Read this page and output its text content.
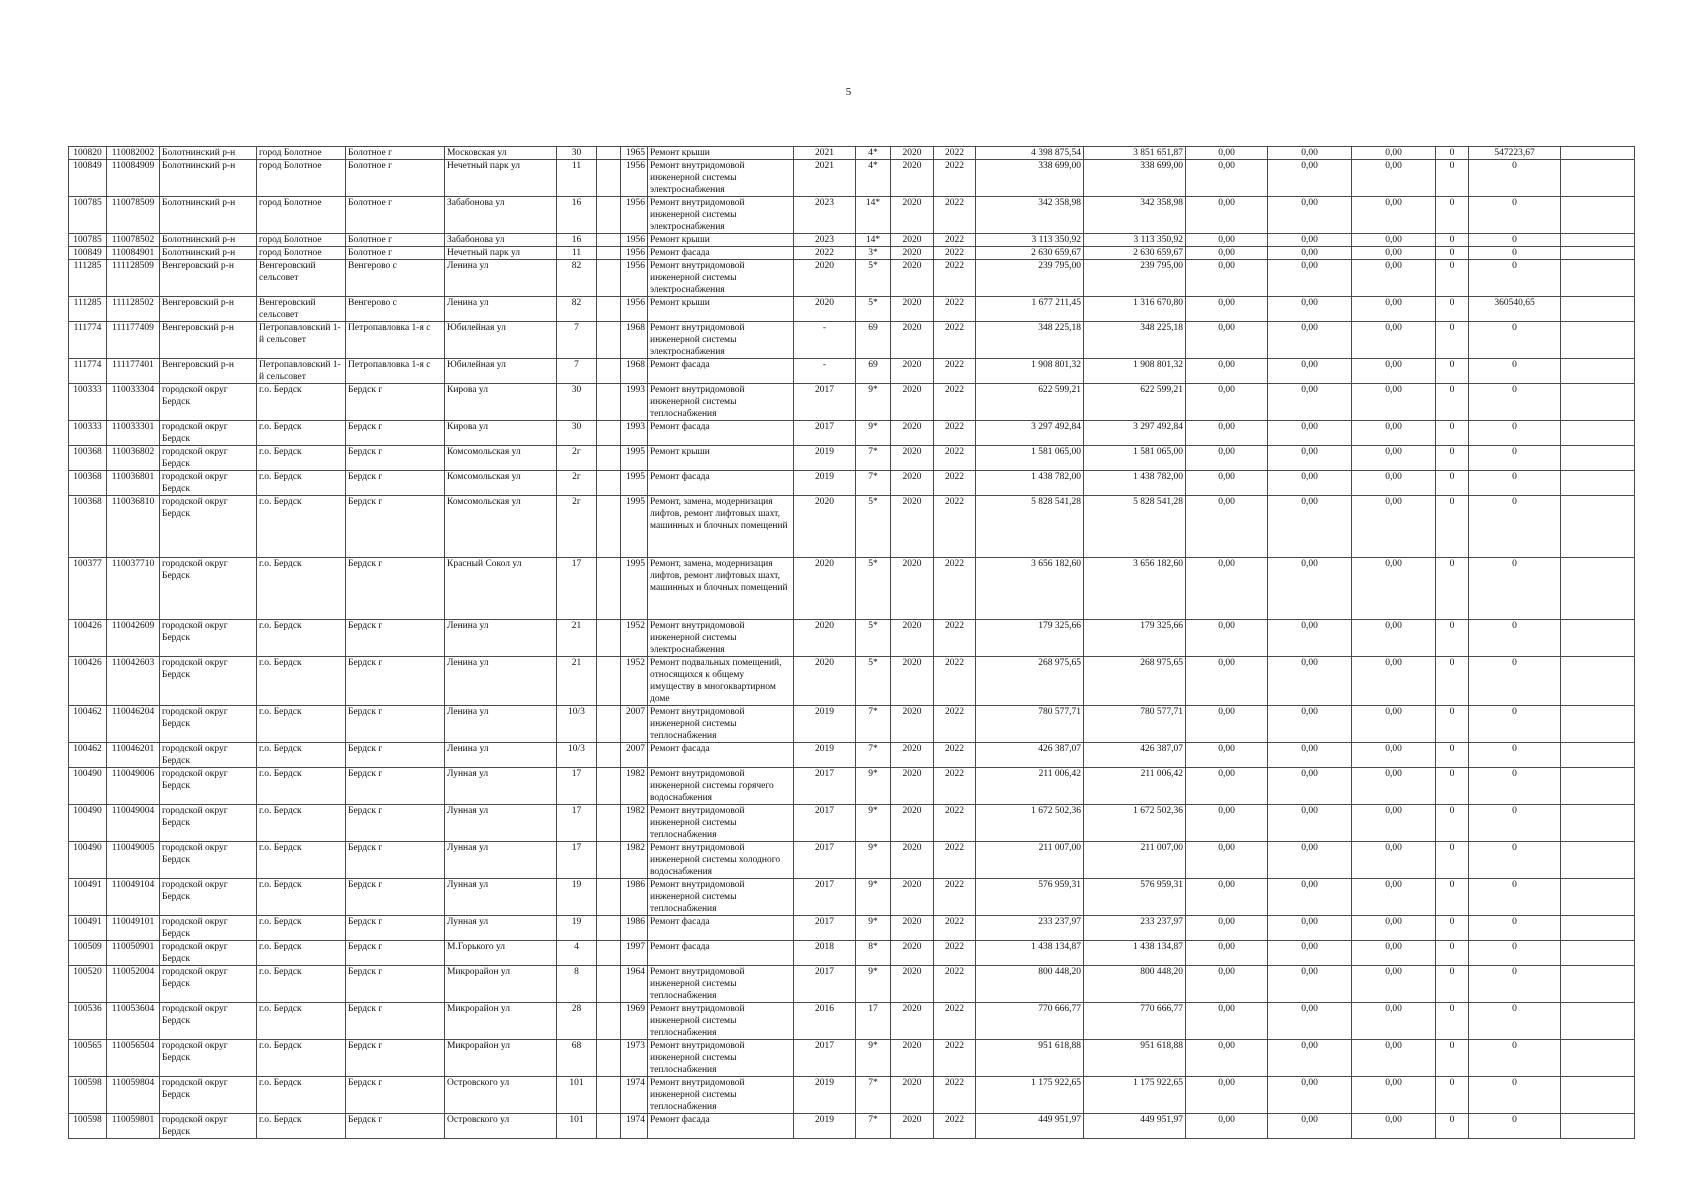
5
100820	110082002	Болотнинский р-н	город Болотное	Болотное г	Московская ул	30		1965	Ремонт крыши	2021	4*	2020	2022	4 398 875,54	3 851 651,87	0,00	0,00	0,00	0	547223,67	
100849	110084909	Болотнинский р-н	город Болотное	Болотное г	Нечетный парк ул	11		1956	Ремонт внутридомовой инженерной системы электроснабжения	2021	4*	2020	2022	338 699,00	338 699,00	0,00	0,00	0,00	0	0	
100785	110078509	Болотнинский р-н	город Болотное	Болотное г	Забабонова ул	16		1956	Ремонт внутридомовой инженерной системы электроснабжения	2023	14*	2020	2022	342 358,98	342 358,98	0,00	0,00	0,00	0	0	
100785	110078502	Болотнинский р-н	город Болотное	Болотное г	Забабонова ул	16		1956	Ремонт крыши	2023	14*	2020	2022	3 113 350,92	3 113 350,92	0,00	0,00	0,00	0	0	
100849	110084901	Болотнинский р-н	город Болотное	Болотное г	Нечетный парк ул	11		1956	Ремонт фасада	2022	3*	2020	2022	2 630 659,67	2 630 659,67	0,00	0,00	0,00	0	0	
111285	111128509	Венгеровский р-н	Венгеровский сельсовет	Венгерово с	Ленина ул	82		1956	Ремонт внутридомовой инженерной системы электроснабжения	2020	5*	2020	2022	239 795,00	239 795,00	0,00	0,00	0,00	0	0	
111285	111128502	Венгеровский р-н	Венгеровский сельсовет	Венгерово с	Ленина ул	82		1956	Ремонт крыши	2020	5*	2020	2022	1 677 211,45	1 316 670,80	0,00	0,00	0,00	0	360540,65	
111774	111177409	Венгеровский р-н	Петропавловский 1-й сельсовет	Петропавловка 1-я с	Юбилейная ул	7		1968	Ремонт внутридомовой инженерной системы электроснабжения	-	69	2020	2022	348 225,18	348 225,18	0,00	0,00	0,00	0	0	
111774	111177401	Венгеровский р-н	Петропавловский 1-й сельсовет	Петропавловка 1-я с	Юбилейная ул	7		1968	Ремонт фасада	-	69	2020	2022	1 908 801,32	1 908 801,32	0,00	0,00	0,00	0	0	
100333	110033304	городской округ Бердск	г.о. Бердск	Бердск г	Кирова ул	30		1993	Ремонт внутридомовой инженерной системы теплоснабжения	2017	9*	2020	2022	622 599,21	622 599,21	0,00	0,00	0,00	0	0	
100333	110033301	городской округ Бердск	г.о. Бердск	Бердск г	Кирова ул	30		1993	Ремонт фасада	2017	9*	2020	2022	3 297 492,84	3 297 492,84	0,00	0,00	0,00	0	0	
100368	110036802	городской округ Бердск	г.о. Бердск	Бердск г	Комсомольская ул	2г		1995	Ремонт крыши	2019	7*	2020	2022	1 581 065,00	1 581 065,00	0,00	0,00	0,00	0	0	
100368	110036801	городской округ Бердск	г.о. Бердск	Бердск г	Комсомольская ул	2г		1995	Ремонт фасада	2019	7*	2020	2022	1 438 782,00	1 438 782,00	0,00	0,00	0,00	0	0	
100368	110036810	городской округ Бердск	г.о. Бердск	Бердск г	Комсомольская ул	2г		1995	Ремонт, замена, модернизация лифтов, ремонт лифтовых шахт, машинных и блочных помещений	2020	5*	2020	2022	5 828 541,28	5 828 541,28	0,00	0,00	0,00	0	0	
100377	110037710	городской округ Бердск	г.о. Бердск	Бердск г	Красный Сокол ул	17		1995	Ремонт, замена, модернизация лифтов, ремонт лифтовых шахт, машинных и блочных помещений	2020	5*	2020	2022	3 656 182,60	3 656 182,60	0,00	0,00	0,00	0	0	
100426	110042609	городской округ Бердск	г.о. Бердск	Бердск г	Ленина ул	21		1952	Ремонт внутридомовой инженерной системы электроснабжения	2020	5*	2020	2022	179 325,66	179 325,66	0,00	0,00	0,00	0	0	
100426	110042603	городской округ Бердск	г.о. Бердск	Бердск г	Ленина ул	21		1952	Ремонт подвальных помещений, относящихся к общему имуществу в многоквартирном доме	2020	5*	2020	2022	268 975,65	268 975,65	0,00	0,00	0,00	0	0	
100462	110046204	городской округ Бердск	г.о. Бердск	Бердск г	Ленина ул	10/3		2007	Ремонт внутридомовой инженерной системы теплоснабжения	2019	7*	2020	2022	780 577,71	780 577,71	0,00	0,00	0,00	0	0	
100462	110046201	городской округ Бердск	г.о. Бердск	Бердск г	Ленина ул	10/3		2007	Ремонт фасада	2019	7*	2020	2022	426 387,07	426 387,07	0,00	0,00	0,00	0	0	
100490	110049006	городской округ Бердск	г.о. Бердск	Бердск г	Лунная ул	17		1982	Ремонт внутридомовой инженерной системы горячего водоснабжения	2017	9*	2020	2022	211 006,42	211 006,42	0,00	0,00	0,00	0	0	
100490	110049004	городской округ Бердск	г.о. Бердск	Бердск г	Лунная ул	17		1982	Ремонт внутридомовой инженерной системы теплоснабжения	2017	9*	2020	2022	1 672 502,36	1 672 502,36	0,00	0,00	0,00	0	0	
100490	110049005	городской округ Бердск	г.о. Бердск	Бердск г	Лунная ул	17		1982	Ремонт внутридомовой инженерной системы холодного водоснабжения	2017	9*	2020	2022	211 007,00	211 007,00	0,00	0,00	0,00	0	0	
100491	110049104	городской округ Бердск	г.о. Бердск	Бердск г	Лунная ул	19		1986	Ремонт внутридомовой инженерной системы теплоснабжения	2017	9*	2020	2022	576 959,31	576 959,31	0,00	0,00	0,00	0	0	
100491	110049101	городской округ Бердск	г.о. Бердск	Бердск г	Лунная ул	19		1986	Ремонт фасада	2017	9*	2020	2022	233 237,97	233 237,97	0,00	0,00	0,00	0	0	
100509	110050901	городской округ Бердск	г.о. Бердск	Бердск г	М.Горького ул	4		1997	Ремонт фасада	2018	8*	2020	2022	1 438 134,87	1 438 134,87	0,00	0,00	0,00	0	0	
100520	110052004	городской округ Бердск	г.о. Бердск	Бердск г	Микрорайон ул	8		1964	Ремонт внутридомовой инженерной системы теплоснабжения	2017	9*	2020	2022	800 448,20	800 448,20	0,00	0,00	0,00	0	0	
100536	110053604	городской округ Бердск	г.о. Бердск	Бердск г	Микрорайон ул	28		1969	Ремонт внутридомовой инженерной системы теплоснабжения	2016	17	2020	2022	770 666,77	770 666,77	0,00	0,00	0,00	0	0	
100565	110056504	городской округ Бердск	г.о. Бердск	Бердск г	Микрорайон ул	68		1973	Ремонт внутридомовой инженерной системы теплоснабжения	2017	9*	2020	2022	951 618,88	951 618,88	0,00	0,00	0,00	0	0	
100598	110059804	городской округ Бердск	г.о. Бердск	Бердск г	Островского ул	101		1974	Ремонт внутридомовой инженерной системы теплоснабжения	2019	7*	2020	2022	1 175 922,65	1 175 922,65	0,00	0,00	0,00	0	0	
100598	110059801	городской округ Бердск	г.о. Бердск	Бердск г	Островского ул	101		1974	Ремонт фасада	2019	7*	2020	2022	449 951,97	449 951,97	0,00	0,00	0,00	0	0	
